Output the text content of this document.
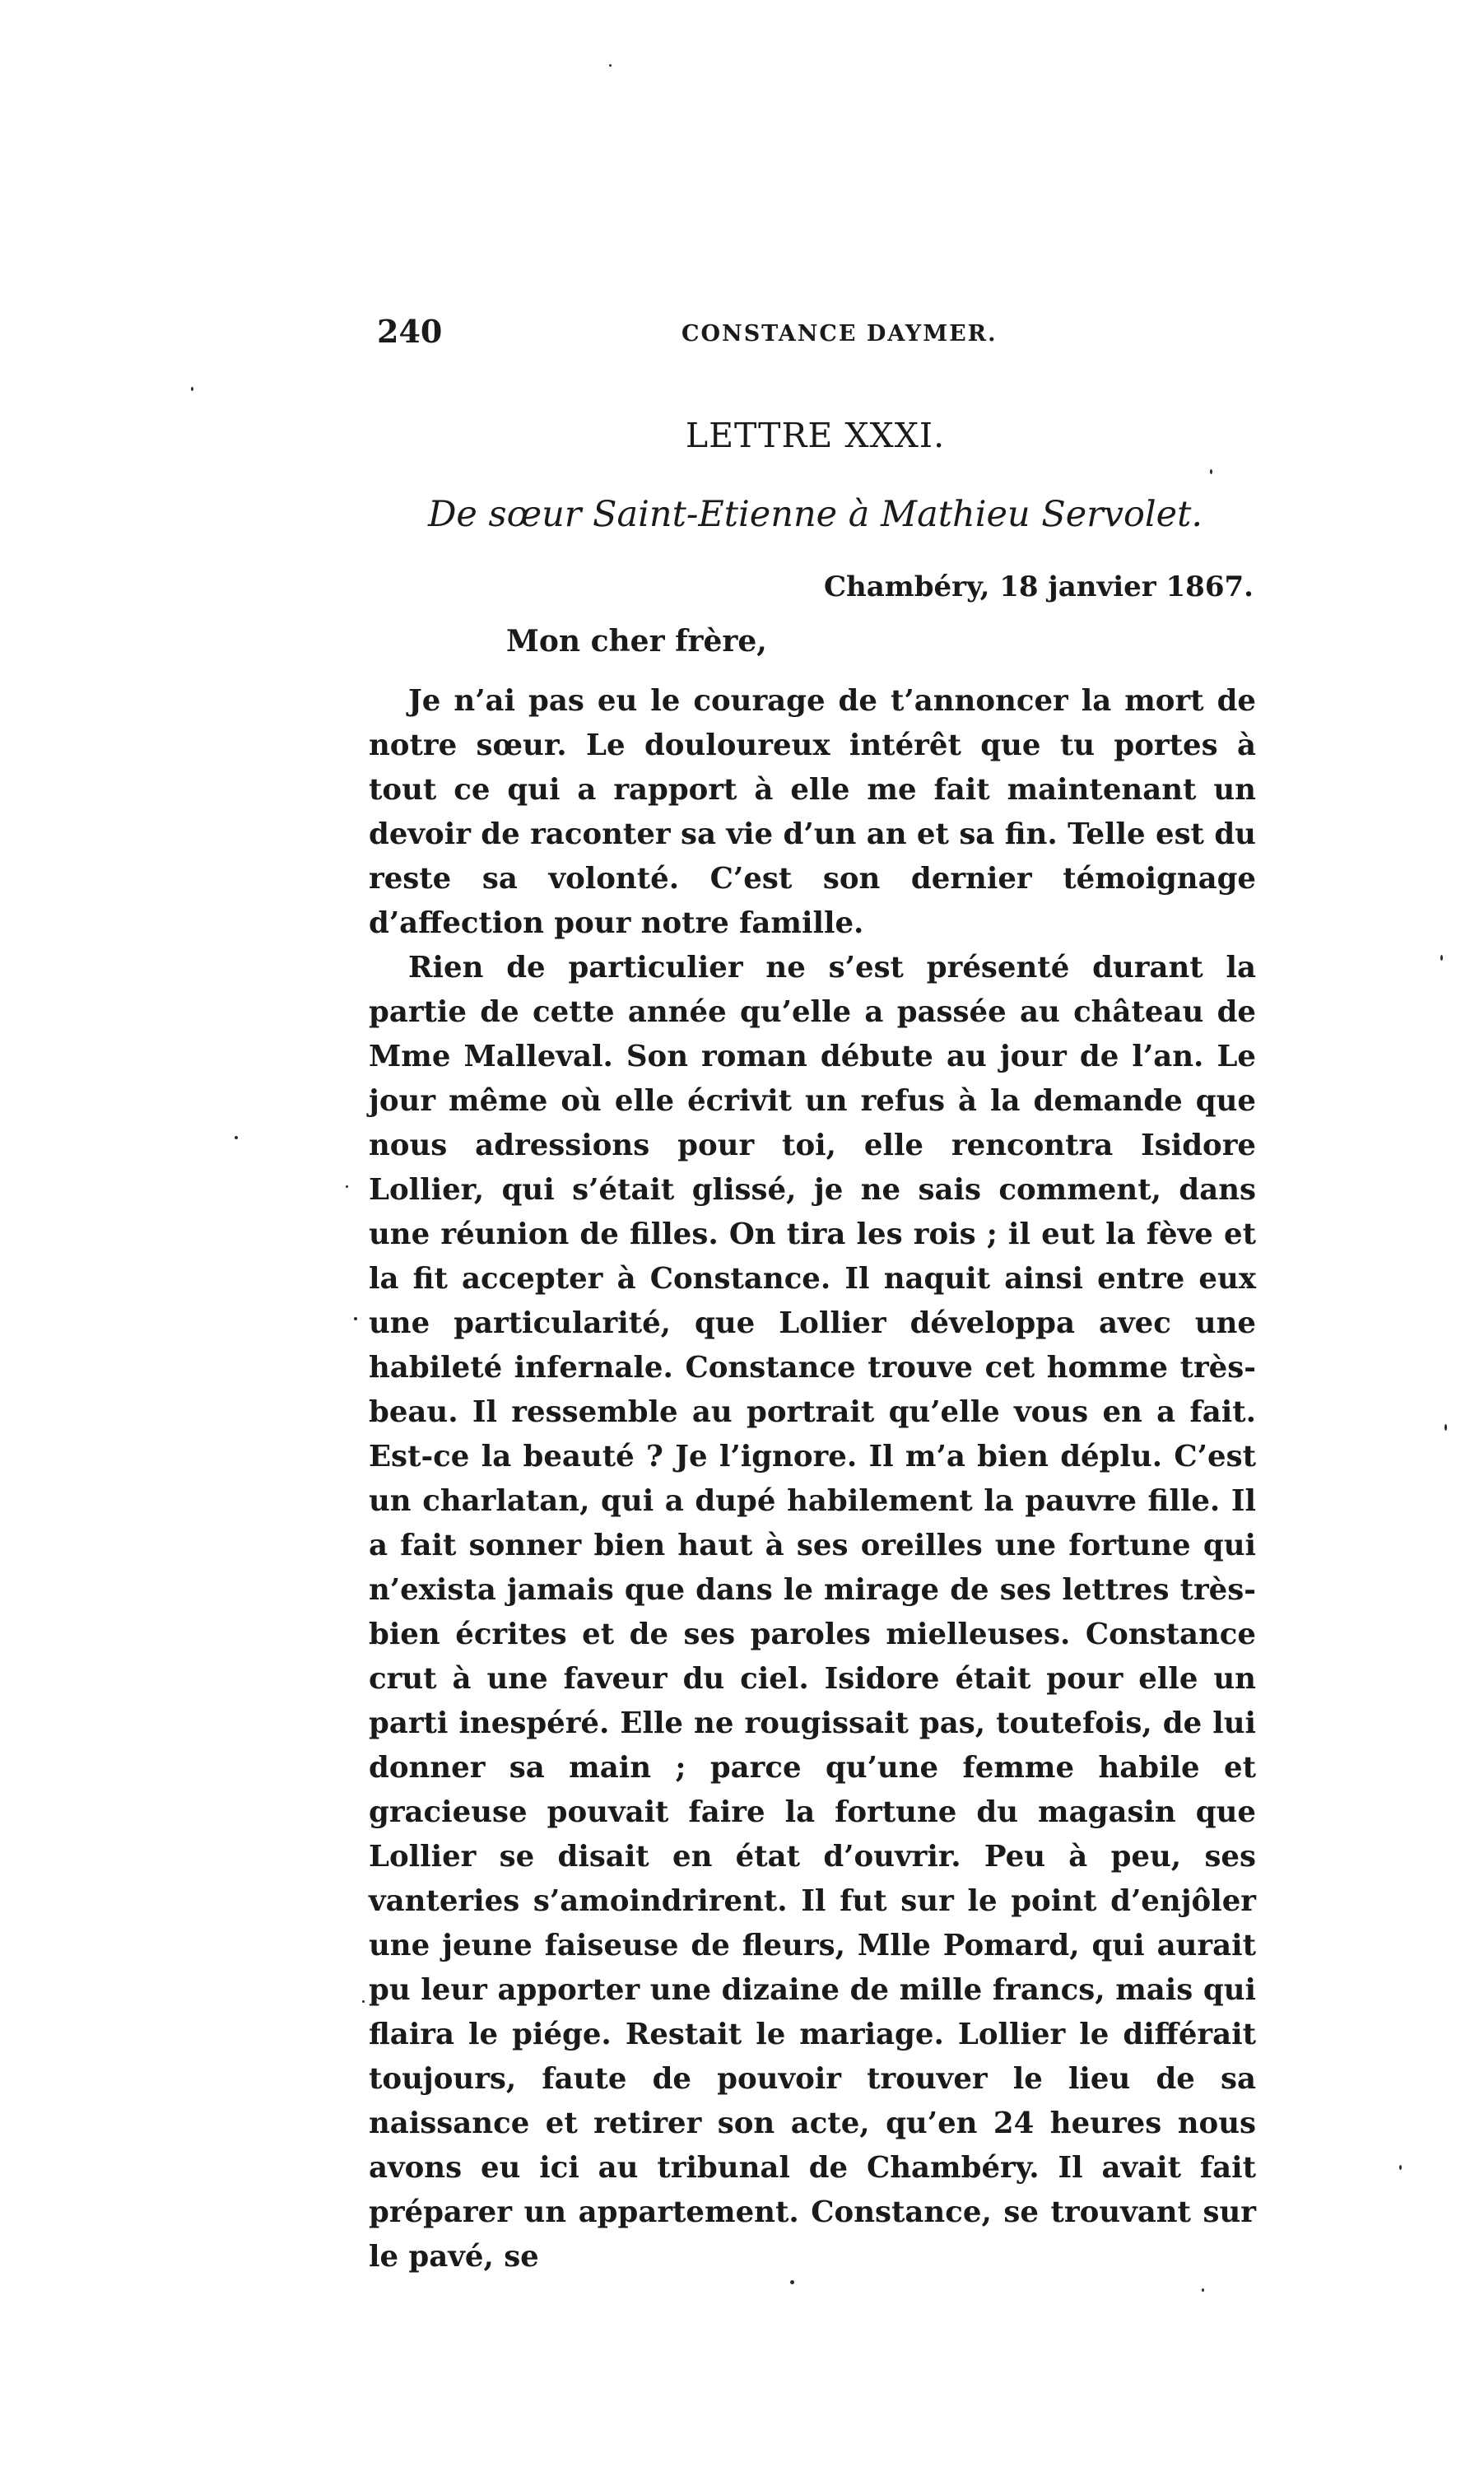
240	CONSTANCE DAYMER.
LETTRE XXXI.
De sœur Saint-Etienne à Mathieu Servolet.
Chambéry, 18 janvier 1867.
Mon cher frère,

Je n’ai pas eu le courage de t’annoncer la mort de notre sœur. Le douloureux intérêt que tu portes à tout ce qui a rapport à elle me fait maintenant un devoir de raconter sa vie d’un an et sa fin. Telle est du reste sa volonté. C’est son dernier témoignage d’affection pour notre famille.

Rien de particulier ne s’est présenté durant la partie de cette année qu’elle a passée au château de Mme Malleval. Son roman débute au jour de l’an. Le jour même où elle écrivit un refus à la demande que nous adressions pour toi, elle rencontra Isidore Lollier, qui s’était glissé, je ne sais comment, dans une réunion de filles. On tira les rois ; il eut la fève et la fit accepter à Constance. Il naquit ainsi entre eux une particularité, que Lollier développa avec une habileté infernale. Constance trouve cet homme très-beau. Il ressemble au portrait qu’elle vous en a fait. Est-ce la beauté ? Je l’ignore. Il m’a bien déplu. C’est un charlatan, qui a dupé habilement la pauvre fille. Il a fait sonner bien haut à ses oreilles une fortune qui n’exista jamais que dans le mirage de ses lettres très-bien écrites et de ses paroles mielleuses. Constance crut à une faveur du ciel. Isidore était pour elle un parti inespéré. Elle ne rougissait pas, toutefois, de lui donner sa main ; parce qu’une femme habile et gracieuse pouvait faire la fortune du magasin que Lollier se disait en état d’ouvrir. Peu à peu, ses vanteries s’amoindrirent. Il fut sur le point d’enjôler une jeune faiseuse de fleurs, Mlle Pomard, qui aurait pu leur apporter une dizaine de mille francs, mais qui flaira le piége. Restait le mariage. Lollier le différait toujours, faute de pouvoir trouver le lieu de sa naissance et retirer son acte, qu’en 24 heures nous avons eu ici au tribunal de Chambéry. Il avait fait préparer un appartement. Constance, se trouvant sur le pavé, se
